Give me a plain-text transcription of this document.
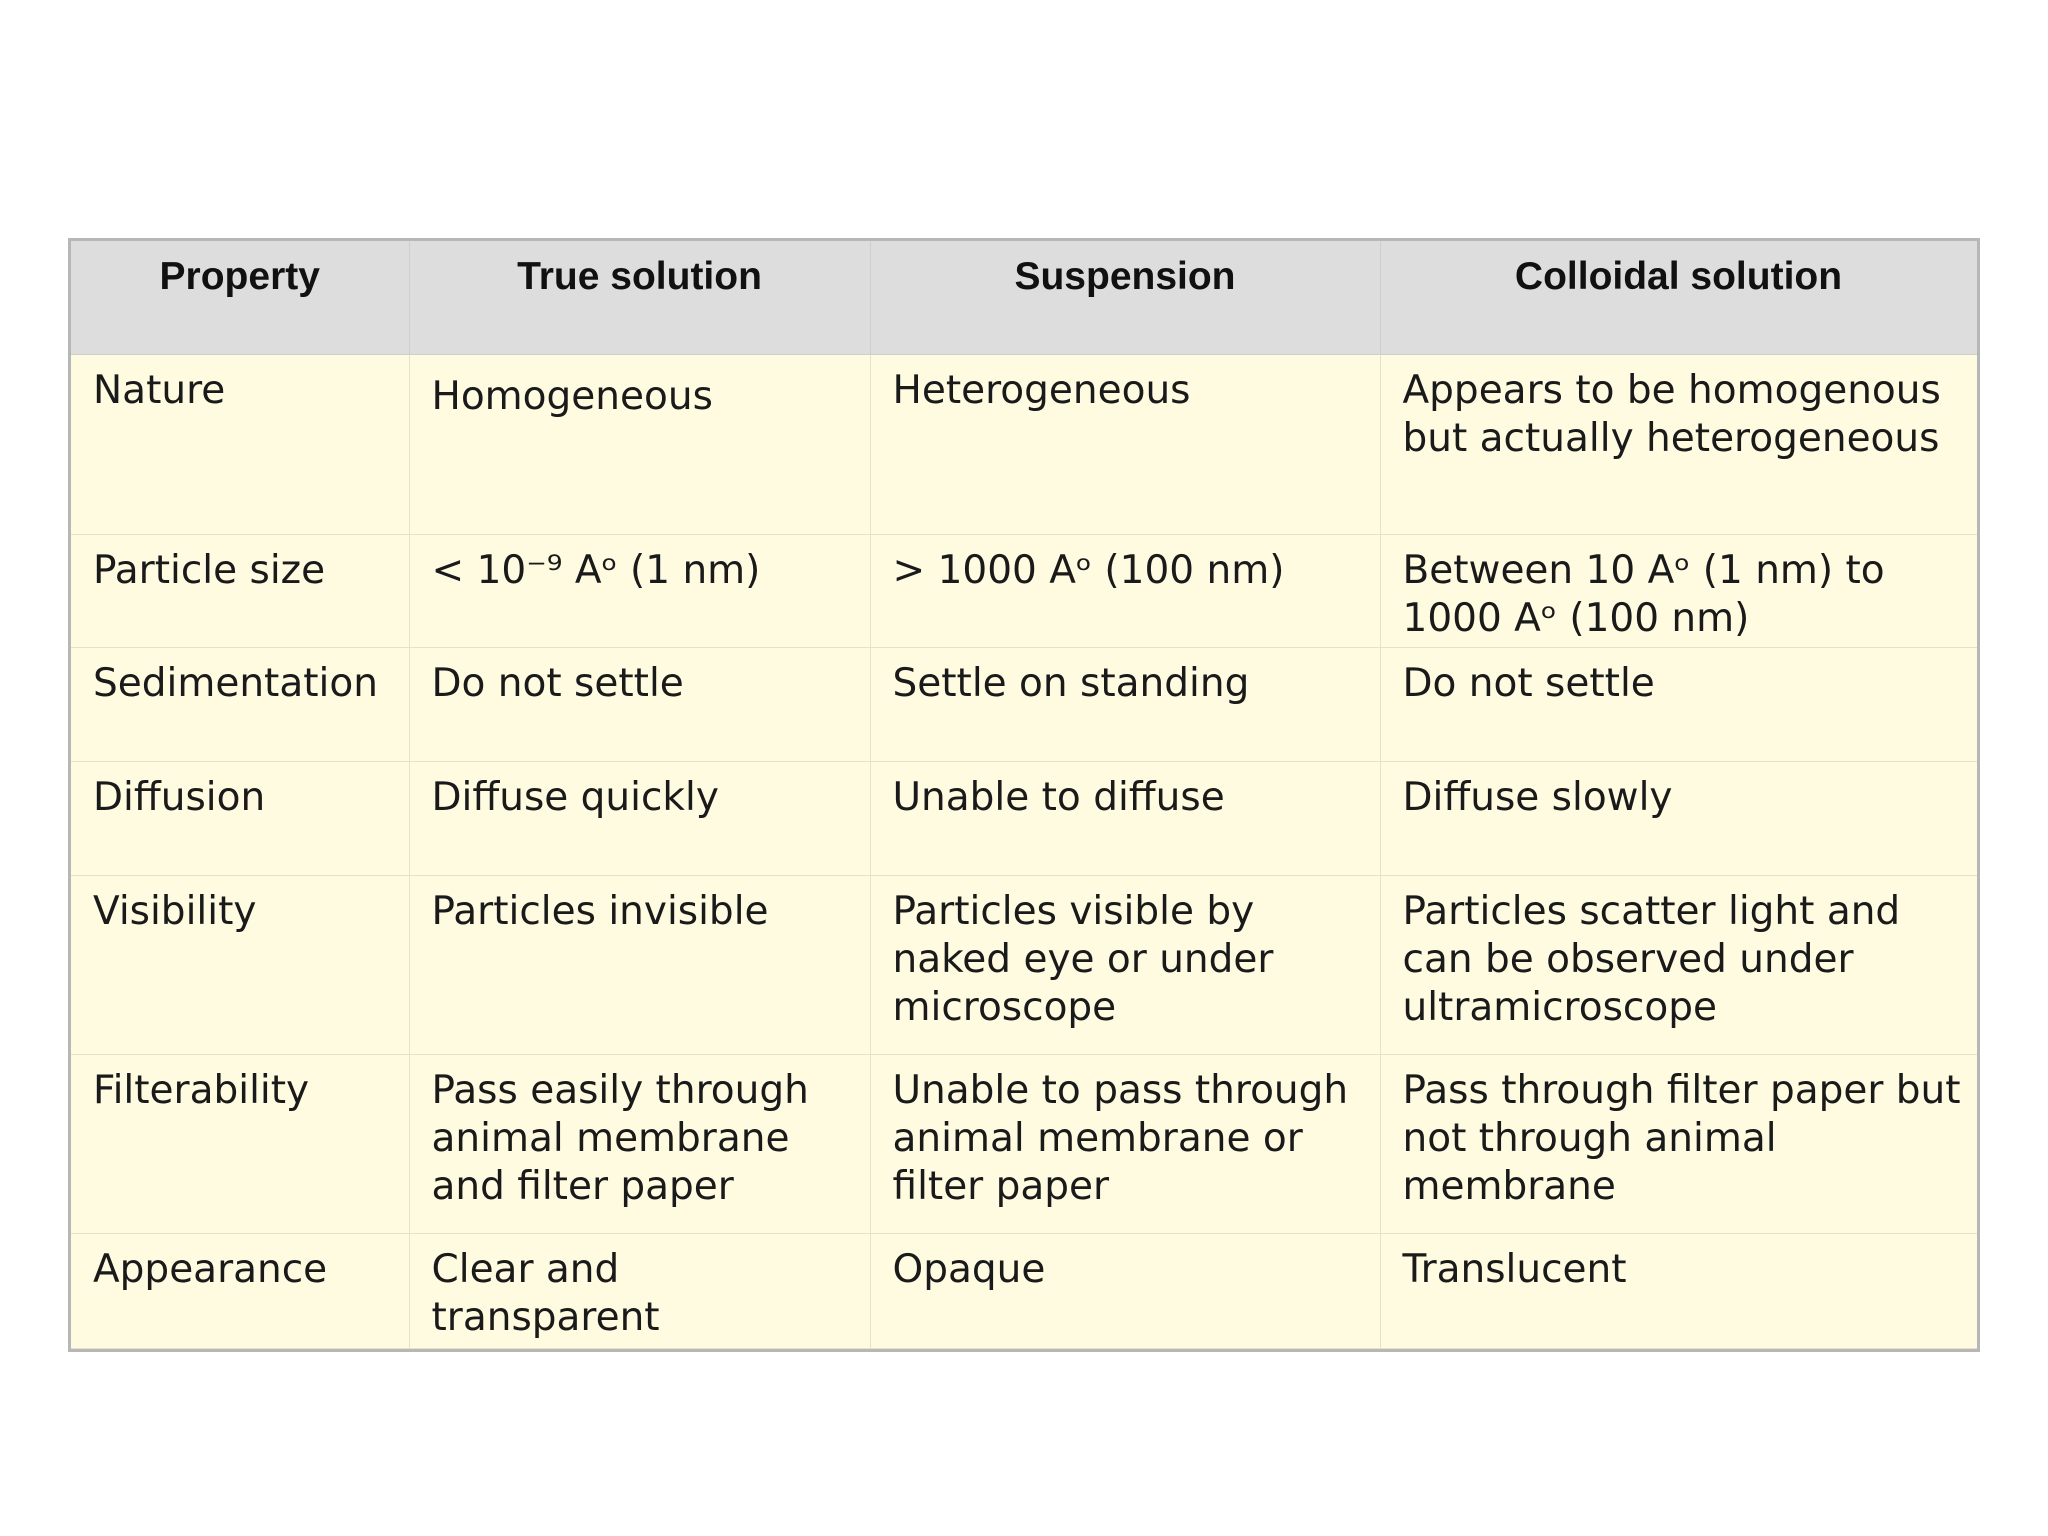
Property	True solution	Suspension	Colloidal solution
Nature	Homogeneous	Heterogeneous	Appears to be homogenous but actually heterogeneous
Particle size	< 10⁻⁹ Aᵒ (1 nm)	> 1000 Aᵒ (100 nm)	Between 10 Aᵒ (1 nm) to 1000 Aᵒ (100 nm)
Sedimentation	Do not settle	Settle on standing	Do not settle
Diffusion	Diffuse quickly	Unable to diffuse	Diffuse slowly
Visibility	Particles invisible	Particles visible by naked eye or under microscope	Particles scatter light and can be observed under ultramicroscope
Filterability	Pass easily through animal membrane and filter paper	Unable to pass through animal membrane or filter paper	Pass through filter paper but not through animal membrane
Appearance	Clear and transparent	Opaque	Translucent
